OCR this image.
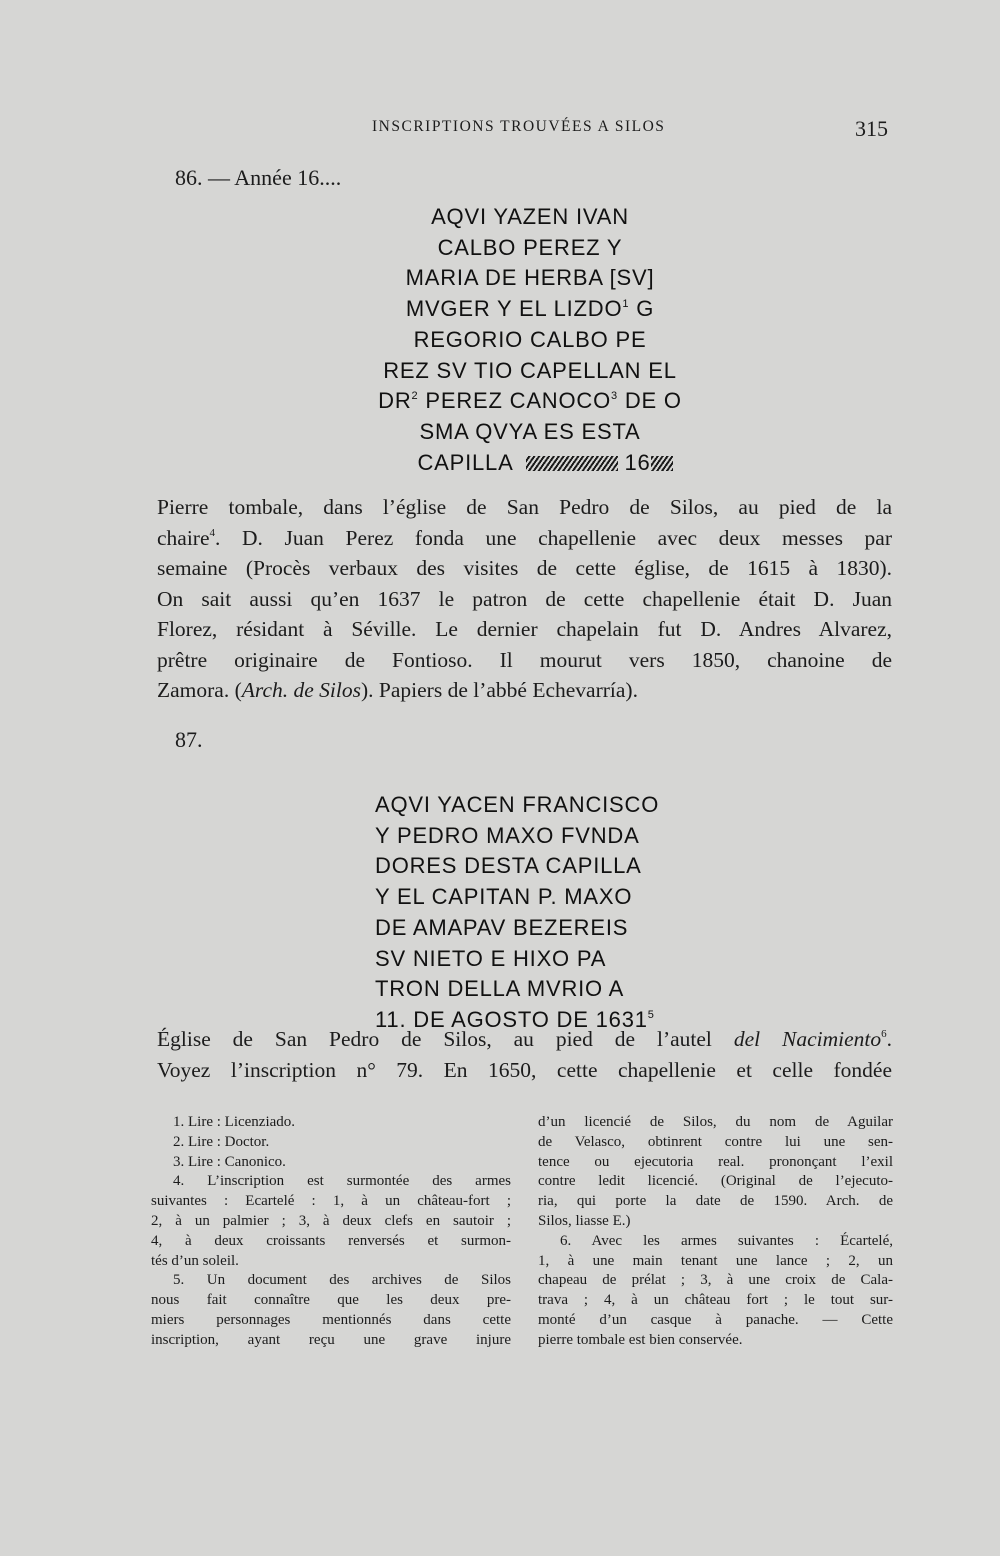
INSCRIPTIONS TROUVÉES A SILOS	315
86. — Année 16....
AQVI YAZEN IVAN
CALBO PEREZ Y
MARIA DE HERBA [SV]
MVGER Y EL LIZDO$^1$ G
REGORIO CALBO PE
REZ SV TIO CAPELLAN EL
$DR^2$ PEREZ CANOCO$^3$ DE O
SMA QVYA ES ESTA
CAPILLA	16
Pierre tombale, dans l’église de San Pedro de Silos, au pied de la
chaire$^4$. D. Juan Perez fonda une chapellenie avec deux messes par
semaine (Procès verbaux des visites de cette église, de 1615 à 1830).
On sait aussi qu’en 1637 le patron de cette chapellenie était D. Juan
Florez, résidant à Séville. Le dernier chapelain fut D. Andres Alvarez,
prêtre originaire de Fontioso. Il mourut vers 1850, chanoine de
Zamora. (Arch. de Silos). Papiers de l’abbé Echevarría).
87.
AQVI YACEN FRANCISCO
Y PEDRO MAXO FVNDA
DORES DESTA CAPILLA
Y EL CAPITAN P. MAXO
DE AMAPAV BEZEREIS
SV NIETO E HIXO PA
TRON DELLA MVRIO A
11. DE AGOSTO DE 1631$^5$
Église de San Pedro de Silos, au pied de l’autel del Nacimiento$^6$.
Voyez l’inscription n° 79. En 1650, cette chapellenie et celle fondée
1. Lire : Licenziado.
2. Lire : Doctor.
3. Lire : Canonico.
4. L’inscription est surmontée des armes
suivantes : Ecartelé : 1, à un château-fort ;
2, à un palmier ; 3, à deux clefs en sautoir ;
4, à deux croissants renversés et surmon-
tés d’un soleil.
5. Un document des archives de Silos
nous fait connaître que les deux pre-
miers personnages mentionnés dans cette
inscription, ayant reçu une grave injure
d’un licencié de Silos, du nom de Aguilar
de Velasco, obtinrent contre lui une sen-
tence ou ejecutoria real. prononçant l’exil
contre ledit licencié. (Original de l’ejecuto-
ria, qui porte la date de 1590. Arch. de
Silos, liasse E.)
6. Avec les armes suivantes : Écartelé,
1, à une main tenant une lance ; 2, un
chapeau de prélat ; 3, à une croix de Cala-
trava ; 4, à un château fort ; le tout sur-
monté d’un casque à panache. — Cette
pierre tombale est bien conservée.
